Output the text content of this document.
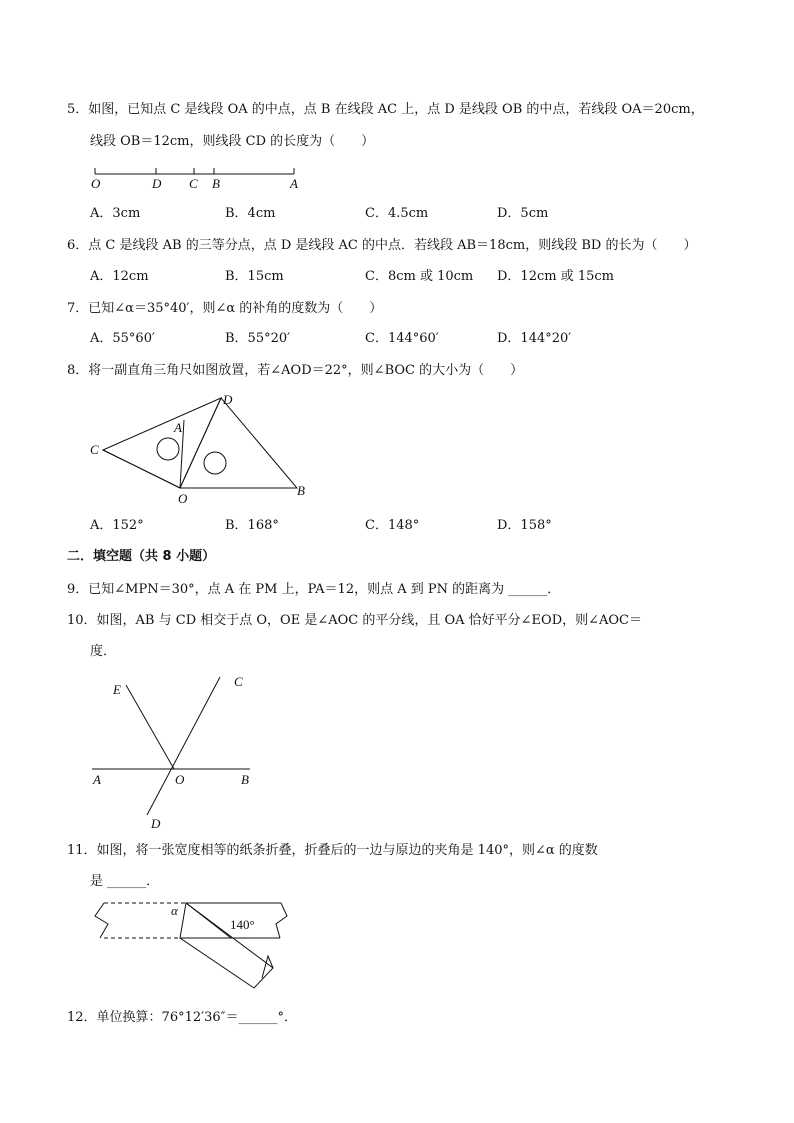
5．如图，已知点 C 是线段 OA 的中点，点 B 在线段 AC 上，点 D 是线段 OB 的中点，若线段 OA＝20cm，
线段 OB＝12cm，则线段 CD 的长度为（　　）
O	D C B	A
A．3cm	B．4cm	C．4.5cm	D．5cm
6．点 C 是线段 AB 的三等分点，点 D 是线段 AC 的中点．若线段 AB＝18cm，则线段 BD 的长为（　　）
A．12cm	B．15cm	C．8cm 或 10cm D．12cm 或 15cm
7．已知∠α＝35°40′，则∠α 的补角的度数为（　　）
A．55°60′	B．55°20′	C．144°60′	D．144°20′
8．将一副直角三角尺如图放置，若∠AOD＝22°，则∠BOC 的大小为（　　）
D
A
C
O
B
A．152°	B．168°	C．148°	D．158°
二．填空题（共 8 小题）
9．已知∠MPN＝30°，点 A 在 PM 上，PA＝12，则点 A 到 PN 的距离为 ______．
10．如图，AB 与 CD 相交于点 O，OE 是∠AOC 的平分线，且 OA 恰好平分∠EOD，则∠AOC＝
度．
E
C
A	O	B
D
11．如图，将一张宽度相等的纸条折叠，折叠后的一边与原边的夹角是 140°，则∠α 的度数
是 ______．
α
140°
12．单位换算：76°12′36″＝______°．
